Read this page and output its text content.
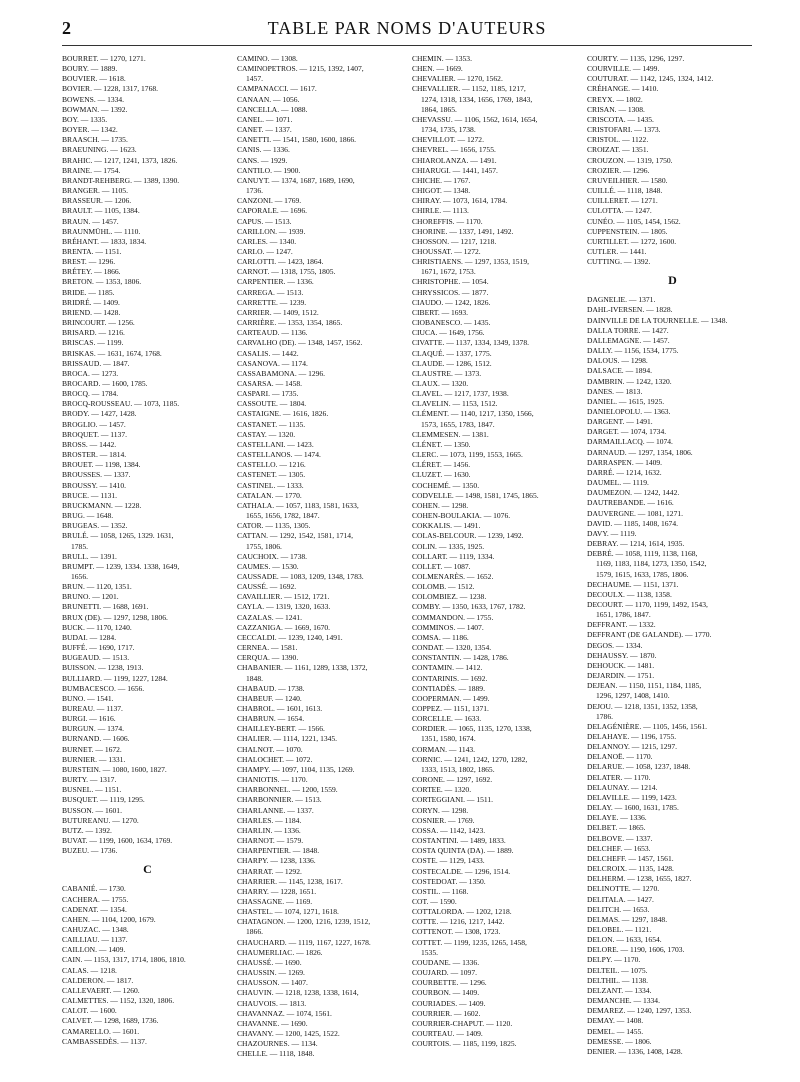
2	TABLE PAR NOMS D'AUTEURS
BOURRET. — 1270, 1271.
BOURY. — 1889.
BOUVIER. — 1618.
BOVIER. — 1228, 1317, 1768.
BOWENS. — 1334.
BOWMAN. — 1392.
BOY. — 1335.
BOYER. — 1342.
BRAASCH. — 1735.
BRAEUNING. — 1623.
BRAHIC. — 1217, 1241, 1373, 1826.
BRAINE. — 1754.
BRANDT-REHBERG. — 1389, 1390.
BRANGER. — 1105.
BRASSEUR. — 1206.
BRAULT. — 1105, 1384.
BRAUN. — 1457.
BRAUNMÜHL. — 1110.
BRÉHANT. — 1833, 1834.
BRENTA. — 1151.
BREST. — 1296.
BRÉTEY. — 1866.
BRETON. — 1353, 1806.
BRIDE. — 1185.
BRIDRÉ. — 1409.
BRIEND. — 1428.
BRINCOURT. — 1256.
BRISARD. — 1216.
BRISCAS. — 1199.
BRISKAS. — 1631, 1674, 1768.
BRISSAUD. — 1847.
BROCA. — 1273.
BROCARD. — 1600, 1785.
BROCQ. — 1784.
BROCQ-ROUSSEAU. — 1073, 1185.
BRODY. — 1427, 1428.
BROGLIO. — 1457.
BROQUET. — 1137.
BROSS. — 1442.
BROSTER. — 1814.
BROUET. — 1198, 1384.
BROUSSES. — 1337.
BROUSSY. — 1410.
BRUCE. — 1131.
BRUCKMANN. — 1228.
BRUG. — 1648.
BRUGEAS. — 1352.
BRULÉ. — 1058, 1265, 1329. 1631,
1785.
BRULL. — 1391.
BRUMPT. — 1239, 1334. 1338, 1649,
1656.
BRUN. — 1120, 1351.
BRUNO. — 1201.
BRUNETTI. — 1688, 1691.
BRUX (DE). — 1297, 1298, 1806.
BUCK. — 1170, 1240.
BUDAI. — 1284.
BUFFÉ. — 1690, 1717.
BUGEAUD. — 1513.
BUISSON. — 1238, 1913.
BULLIARD. — 1199, 1227, 1284.
BUMBACESCO. — 1656.
BUNO. — 1541.
BUREAU. — 1137.
BURGI. — 1616.
BURGUN. — 1374.
BURNAND. — 1606.
BURNET. — 1672.
BURNIER. — 1331.
BURSTEIN. — 1080, 1600, 1827.
BURTY. — 1317.
BUSNEL. — 1151.
BUSQUET. — 1119, 1295.
BUSSON. — 1601.
BUTUREANU. — 1270.
BUTZ. — 1392.
BUVAT. — 1199, 1600, 1634, 1769.
BUZEU. — 1736.
C
CABANIÉ. — 1730.
CACHERA. — 1755.
CADENAT. — 1354.
CAHEN. — 1104, 1200, 1679.
CAHUZAC. — 1348.
CAILLIAU. — 1137.
CAILLON. — 1409.
CAIN. — 1153, 1317, 1714, 1806, 1810.
CALAS. — 1218.
CALDERON. — 1817.
CALLEVAERT. — 1260.
CALMETTES. — 1152, 1320, 1806.
CALOT. — 1600.
CALVET. — 1298, 1689, 1736.
CAMARELLO. — 1601.
CAMBASSEDÈS. — 1137.
CAMINO. — 1308.
CAMINOPETROS. — 1215, 1392, 1407,
1457.
CAMPANACCI. — 1617.
CANAAN. — 1056.
CANCELLA. — 1088.
CANEL. — 1071.
CANET. — 1337.
CANETTI. — 1541, 1580, 1600, 1866.
CANIS. — 1336.
CANS. — 1929.
CANTILO. — 1900.
CANUYT. — 1374, 1687, 1689, 1690,
1736.
CANZONI. — 1769.
CAPORALE. — 1696.
CAPUS. — 1513.
CARILLON. — 1939.
CARLES. — 1340.
CARLO. — 1247.
CARLOTTI. — 1423, 1864.
CARNOT. — 1318, 1755, 1805.
CARPENTIER. — 1336.
CARREGA. — 1513.
CARRETTE. — 1239.
CARRIER. — 1409, 1512.
CARRIÈRE. — 1353, 1354, 1865.
CARTEAUD. — 1136.
CARVALHO (DE). — 1348, 1457, 1562.
CASALIS. — 1442.
CASANOVA. — 1174.
CASSABAMONA. — 1296.
CASARSA. — 1458.
CASPARI. — 1735.
CASSOUTE. — 1804.
CASTAIGNE. — 1616, 1826.
CASTANET. — 1135.
CASTAY. — 1320.
CASTELLANI. — 1423.
CASTELLANOS. — 1474.
CASTELLO. — 1216.
CASTENET. — 1305.
CASTINEL. — 1333.
CATALAN. — 1770.
CATHALA. — 1057, 1183, 1581, 1633,
1655, 1656, 1782, 1847.
CATOR. — 1135, 1305.
CATTAN. — 1292, 1542, 1581, 1714,
1755, 1806.
CAUCHOIX. — 1738.
CAUMES. — 1530.
CAUSSADE. — 1083, 1209, 1348, 1783.
CAUSSÉ. — 1692.
CAVAILLIER. — 1512, 1721.
CAYLA. — 1319, 1320, 1633.
CAZALAS. — 1241.
CAZZANIGA. — 1669, 1670.
CECCALDI. — 1239, 1240, 1491.
CERNEA. — 1581.
CERQUA. — 1390.
CHABANIER. — 1161, 1289, 1338, 1372,
1848.
CHABAUD. — 1738.
CHABEUF. — 1240.
CHABROL. — 1601, 1613.
CHABRUN. — 1654.
CHAILLEY-BERT. — 1566.
CHALIER. — 1114, 1221, 1345.
CHALNOT. — 1070.
CHALOCHET. — 1072.
CHAMPY. — 1097, 1104, 1135, 1269.
CHANIOTIS. — 1170.
CHARBONNEL. — 1200, 1559.
CHARBONNIER. — 1513.
CHARLANNE. — 1337.
CHARLES. — 1184.
CHARLIN. — 1336.
CHARNOT. — 1579.
CHARPENTIER. — 1848.
CHARPY. — 1238, 1336.
CHARRAT. — 1292.
CHARRIER. — 1145, 1238, 1617.
CHARRY. — 1228, 1651.
CHASSAGNE. — 1169.
CHASTEL. — 1074, 1271, 1618.
CHATAGNON. — 1200, 1216, 1239, 1512,
1866.
CHAUCHARD. — 1119, 1167, 1227, 1678.
CHAUMERLIAC. — 1826.
CHAUSSÉ. — 1690.
CHAUSSIN. — 1269.
CHAUSSON. — 1407.
CHAUVIN. — 1218, 1238, 1338, 1614,
CHAUVOIS. — 1813.
CHAVANNAZ. — 1074, 1561.
CHAVANNE. — 1690.
CHAVANY. — 1200, 1425, 1522.
CHAZOURNES. — 1134.
CHELLE. — 1118, 1848.
CHEMIN. — 1353.
CHEN. — 1669.
CHEVALIER. — 1270, 1562.
CHEVALLIER. — 1152, 1185, 1217,
1274, 1318, 1334, 1656, 1769, 1843,
1864, 1865.
CHEVASSU. — 1106, 1562, 1614, 1654,
1734, 1735, 1738.
CHEVILLOT. — 1272.
CHEVREL. — 1656, 1755.
CHIAROLANZA. — 1491.
CHIARUGI. — 1441, 1457.
CHICHE. — 1767.
CHIGOT. — 1348.
CHIRAY. — 1073, 1614, 1784.
CHIRLE. — 1113.
CHOREFFIS. — 1170.
CHORINE. — 1337, 1491, 1492.
CHOSSON. — 1217, 1218.
CHOUSSAT. — 1272.
CHRISTIAENS. — 1297, 1353, 1519,
1671, 1672, 1753.
CHRISTOPHE. — 1054.
CHRYSSICOS. — 1877.
CIAUDO. — 1242, 1826.
CIBERT. — 1693.
CIOBANESCO. — 1435.
CIUCA. — 1649, 1756.
CIVATTE. — 1137, 1334, 1349, 1378.
CLAQUÉ. — 1337, 1775.
CLAUDE. — 1286, 1512.
CLAUSTRE. — 1373.
CLAUX. — 1320.
CLAVEL. — 1217, 1737, 1938.
CLAVELIN. — 1153, 1512.
CLÉMENT. — 1140, 1217, 1350, 1566,
1573, 1655, 1783, 1847.
CLEMMESEN. — 1381.
CLÉNET. — 1350.
CLERC. — 1073, 1199, 1553, 1665.
CLÉRET. — 1456.
CLUZET. — 1630.
COCHEMÉ. — 1350.
CODVELLE. — 1498, 1581, 1745, 1865.
COHEN. — 1298.
COHEN-BOULAKIA. — 1076.
COKKALIS. — 1491.
COLAS-BELCOUR. — 1239, 1492.
COLIN. — 1335, 1925.
COLLART. — 1119, 1334.
COLLET. — 1087.
COLMENARÈS. — 1652.
COLOMB. — 1512.
COLOMBIEZ. — 1238.
COMBY. — 1350, 1633, 1767, 1782.
COMMANDON. — 1755.
COMMINOS. — 1407.
COMSA. — 1186.
CONDAT. — 1320, 1354.
CONSTANTIN. — 1428, 1786.
CONTAMIN. — 1412.
CONTARINIS. — 1692.
CONTIADÈS. — 1889.
COOPERMAN. — 1499.
COPPEZ. — 1151, 1371.
CORCELLE. — 1633.
CORDIER. — 1065, 1135, 1270, 1338,
1351, 1580, 1674.
CORMAN. — 1143.
CORNIC. — 1241, 1242, 1270, 1282,
1333, 1513, 1802, 1865.
CORONE. — 1297, 1692.
CORTEE. — 1320.
CORTEGGIANI. — 1511.
CORYN. — 1298.
COSNIER. — 1769.
COSSA. — 1142, 1423.
COSTANTINI. — 1489, 1833.
COSTA QUINTA (DA). — 1889.
COSTE. — 1129, 1433.
COSTECALDE. — 1296, 1514.
COSTEDOAT. — 1350.
COSTIL. — 1168.
COT. — 1590.
COTTALORDA. — 1202, 1218.
COTTE. — 1216, 1217, 1442.
COTTENOT. — 1308, 1723.
COTTET. — 1199, 1235, 1265, 1458,
1535.
COUDANE. — 1336.
COUJARD. — 1097.
COURBETTE. — 1296.
COURBON. — 1409.
COURIADES. — 1409.
COURRIER. — 1602.
COURRIER-CHAPUT. — 1120.
COURTEAU. — 1409.
COURTOIS. — 1185, 1199, 1825.
COURTY. — 1135, 1296, 1297.
COURVILLE. — 1499.
COUTURAT. — 1142, 1245, 1324, 1412.
CRÉHANGE. — 1410.
CREYX. — 1802.
CRISAN. — 1308.
CRISCOTA. — 1435.
CRISTOFARI. — 1373.
CRISTOL. — 1122.
CROIZAT. — 1351.
CROUZON. — 1319, 1750.
CROZIER. — 1296.
CRUVEILHIER. — 1580.
CUILLÉ. — 1118, 1848.
CUILLERET. — 1271.
CULOTTA. — 1247.
CUNÉO. — 1105, 1454, 1562.
CUPPENSTEIN. — 1805.
CURTILLET. — 1272, 1600.
CUTLER. — 1441.
CUTTING. — 1392.
D
DAGNELIE. — 1371.
DAHL-IVERSEN. — 1828.
DAINVILLE DE LA TOURNELLE. — 1348.
DALLA TORRE. — 1427.
DALLEMAGNE. — 1457.
DALLY. — 1156, 1534, 1775.
DALOUS. — 1298.
DALSACE. — 1894.
DAMBRIN. — 1242, 1320.
DANES. — 1813.
DANIEL. — 1615, 1925.
DANIELOPOLU. — 1363.
DARGENT. — 1491.
DARGET. — 1074, 1734.
DARMAILLACQ. — 1074.
DARNAUD. — 1297, 1354, 1806.
DARRASPEN. — 1409.
DARRÉ. — 1214, 1632.
DAUMEL. — 1119.
DAUMEZON. — 1242, 1442.
DAUTREBANDE. — 1616.
DAUVERGNE. — 1081, 1271.
DAVID. — 1185, 1408, 1674.
DAVY. — 1119.
DEBRAY. — 1214, 1614, 1935.
DEBRÉ. — 1058, 1119, 1138, 1168,
1169, 1183, 1184, 1273, 1350, 1542,
1579, 1615, 1633, 1785, 1806.
DECHAUME. — 1151, 1371.
DECOULX. — 1138, 1358.
DECOURT. — 1170, 1199, 1492, 1543,
1651, 1786, 1847.
DEFFRANT. — 1332.
DEFFRANT (DE GALANDE). — 1770.
DEGOS. — 1334.
DEHAUSSY. — 1870.
DEHOUCK. — 1481.
DEJARDIN. — 1751.
DEJEAN. — 1150, 1151, 1184, 1185,
1296, 1297, 1408, 1410.
DEJOU. — 1218, 1351, 1352, 1358,
1786.
DELAGÉNIÈRE. — 1105, 1456, 1561.
DELAHAYE. — 1196, 1755.
DELANNOY. — 1215, 1297.
DELANOË. — 1170.
DELARUE. — 1058, 1237, 1848.
DELATER. — 1170.
DELAUNAY. — 1214.
DELAVILLE. — 1199, 1423.
DELAY. — 1600, 1631, 1785.
DELAYE. — 1336.
DELBET. — 1865.
DELBOVE. — 1337.
DELCHEF. — 1653.
DELCHEFF. — 1457, 1561.
DELCROIX. — 1135, 1428.
DELHERM. — 1238, 1655, 1827.
DELINOTTE. — 1270.
DELITALA. — 1427.
DELITCH. — 1653.
DELMAS. — 1297, 1848.
DELOBEL. — 1121.
DELON. — 1633, 1654.
DELORE. — 1190, 1606, 1703.
DELPY. — 1170.
DELTEIL. — 1075.
DELTHIL. — 1138.
DELZANT. — 1334.
DEMANCHE. — 1334.
DEMAREZ. — 1240, 1297, 1353.
DEMAY. — 1408.
DEMEL. — 1455.
DEMESSE. — 1806.
DENIER. — 1336, 1408, 1428.
